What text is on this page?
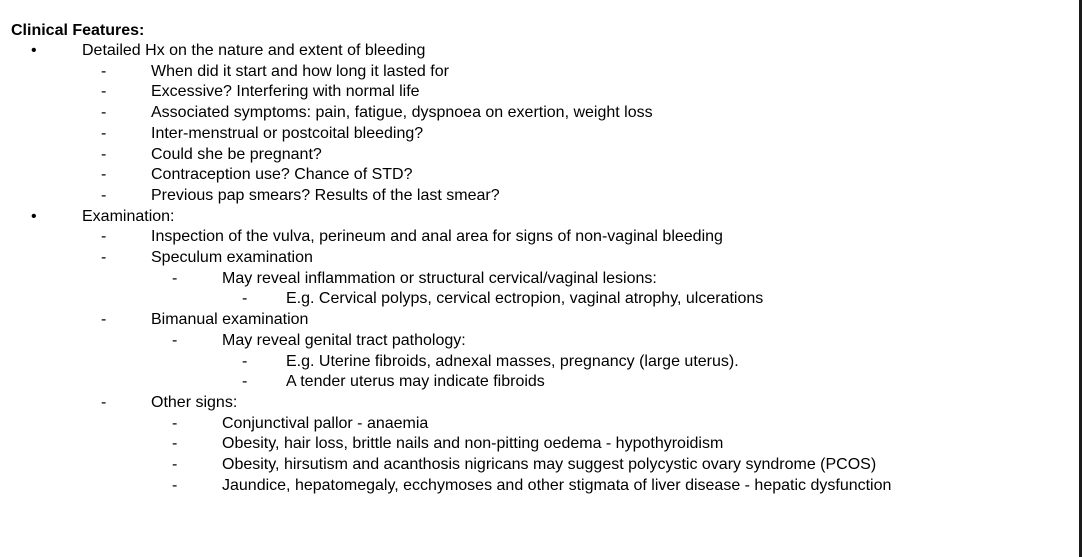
Clinical Features:
•	Detailed Hx on the nature and extent of bleeding
-	When did it start and how long it lasted for
-	Excessive? Interfering with normal life
-	Associated symptoms: pain, fatigue, dyspnoea on exertion, weight loss
-	Inter-menstrual or postcoital bleeding?
-	Could she be pregnant?
-	Contraception use? Chance of STD?
-	Previous pap smears? Results of the last smear?
•	Examination:
-	Inspection of the vulva, perineum and anal area for signs of non-vaginal bleeding
-	Speculum examination
-	May reveal inflammation or structural cervical/vaginal lesions:
- E.g. Cervical polyps, cervical ectropion, vaginal atrophy, ulcerations
-	Bimanual examination
-	May reveal genital tract pathology:
- E.g. Uterine fibroids, adnexal masses, pregnancy (large uterus).
- A tender uterus may indicate fibroids
-	Other signs:
-	Conjunctival pallor - anaemia
-	Obesity, hair loss, brittle nails and non-pitting oedema - hypothyroidism
-	Obesity, hirsutism and acanthosis nigricans may suggest polycystic ovary syndrome (PCOS)
-	Jaundice, hepatomegaly, ecchymoses and other stigmata of liver disease - hepatic dysfunction
